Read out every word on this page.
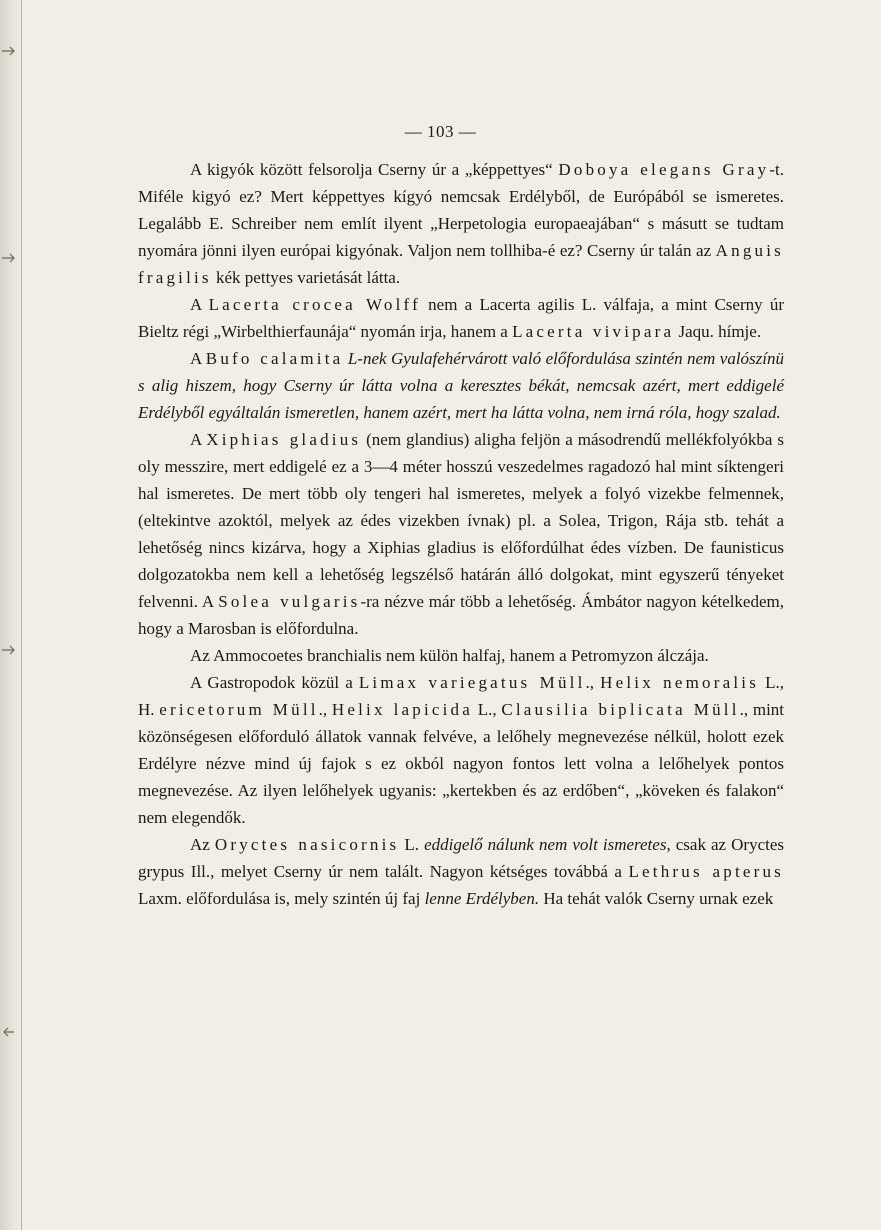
— 103 —

A kigyók között felsorolja Cserny úr a „képpettyes“ Doboya elegans Gray-t. Miféle kigyó ez? Mert képpettyes kígyó nemcsak Erdélyből, de Európából se ismeretes. Legalább E. Schreiber nem említ ilyent „Herpetologia europaeajában“ s másutt se tudtam nyomára jönni ilyen európai kigyónak. Valjon nem tollhiba-é ez? Cserny úr talán az Anguis fragilis kék pettyes varietását látta.

A Lacerta crocea Wolff nem a Lacerta agilis L. válfaja, a mint Cserny úr Bieltz régi „Wirbelthierfaunája“ nyomán irja, hanem a Lacerta vivipara Jaqu. hímje.

A Bufo calamita L-nek Gyulafehérvárott való előfordulása szintén nem valószínü s alig hiszem, hogy Cserny úr látta volna a keresztes békát, nemcsak azért, mert eddigelé Erdélyből egyáltalán ismeretlen, hanem azért, mert ha látta volna, nem irná róla, hogy szalad.

A Xiphias gladius (nem glandius) aligha feljön a másodrendű mellékfolyókba s oly messzire, mert eddigelé ez a 3—4 méter hosszú veszedelmes ragadozó hal mint síktengeri hal ismeretes. De mert több oly tengeri hal ismeretes, melyek a folyó vizekbe felmennek, (eltekintve azoktól, melyek az édes vizekben ívnak) pl. a Solea, Trigon, Rája stb. tehát a lehetőség nincs kizárva, hogy a Xiphias gladius is előfordúlhat édes vízben. De faunisticus dolgozatokba nem kell a lehetőség legszélső határán álló dolgokat, mint egyszerű tényeket felvenni. A Solea vulgaris-ra nézve már több a lehetőség. Ámbátor nagyon kételkedem, hogy a Marosban is előfordulna.

Az Ammocoetes branchialis nem külön halfaj, hanem a Petromyzon álczája.

A Gastropodok közül a Limax variegatus Müll., Helix nemoralis L., H. ericetorum Müll., Helix lapicida L., Clausilia biplicata Müll., mint közönségesen előforduló állatok vannak felvéve, a lelőhely megnevezése nélkül, holott ezek Erdélyre nézve mind új fajok s ez okból nagyon fontos lett volna a lelőhelyek pontos megnevezése. Az ilyen lelőhelyek ugyanis: „kertekben és az erdőben“, „köveken és falakon“ nem elegendők.

Az Oryctes nasicornis L. eddigelő nálunk nem volt ismeretes, csak az Oryctes grypus Ill., melyet Cserny úr nem talált. Nagyon kétséges továbbá a Lethrus apterus Laxm. előfordulása is, mely szintén új faj lenne Erdélyben. Ha tehát valók Cserny urnak ezek
